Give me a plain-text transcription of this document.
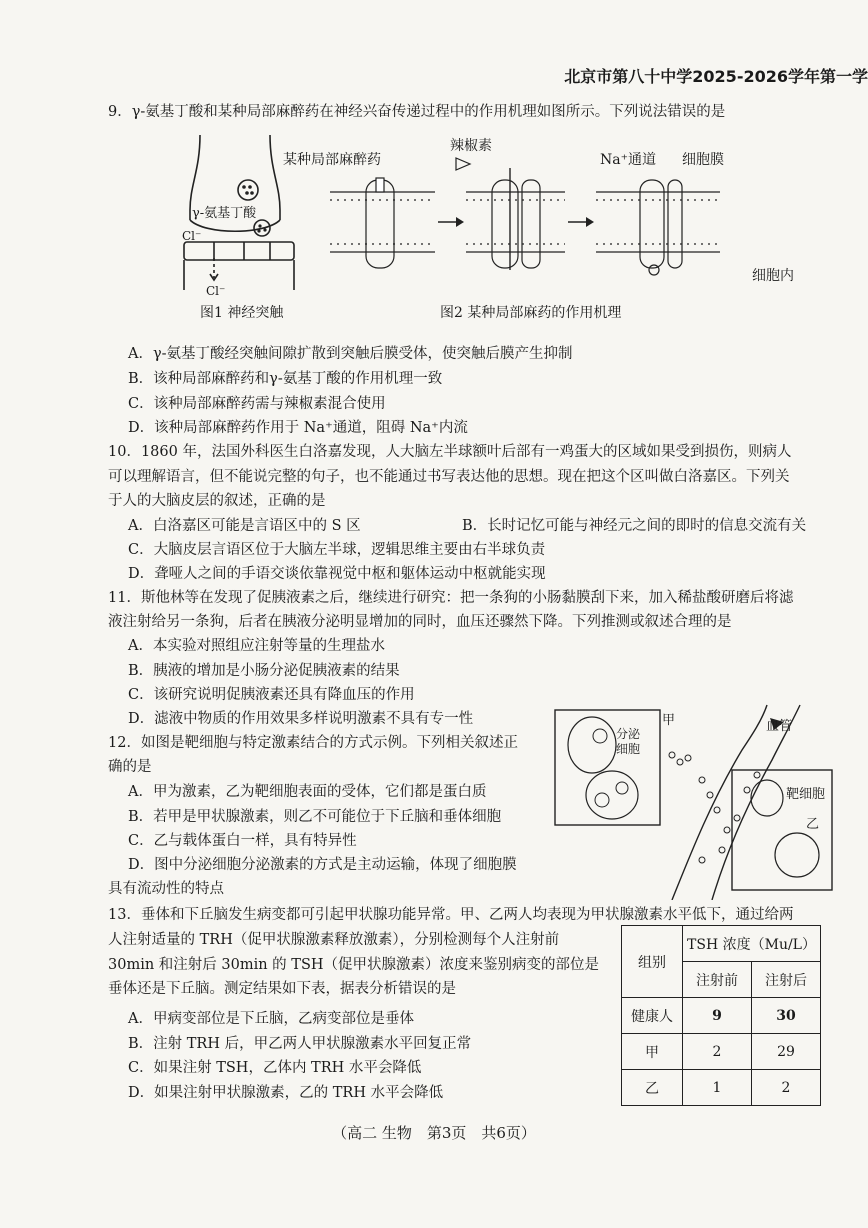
北京市第八十中学2025-2026学年第一学
9．γ-氨基丁酸和某种局部麻醉药在神经兴奋传递过程中的作用机理如图所示。下列说法错误的是
某种局部麻醉药
辣椒素
Na⁺通道 细胞膜
γ-氨基丁酸
Cl⁻
Cl⁻
细胞内
图1 神经突触	图2 某种局部麻药的作用机理
A．γ-氨基丁酸经突触间隙扩散到突触后膜受体，使突触后膜产生抑制
B．该种局部麻醉药和γ-氨基丁酸的作用机理一致
C．该种局部麻醉药需与辣椒素混合使用
D．该种局部麻醉药作用于 Na⁺通道，阻碍 Na⁺内流
10．1860 年，法国外科医生白洛嘉发现，人大脑左半球额叶后部有一鸡蛋大的区域如果受到损伤，则病人
可以理解语言，但不能说完整的句子，也不能通过书写表达他的思想。现在把这个区叫做白洛嘉区。下列关
于人的大脑皮层的叙述，正确的是
A．白洛嘉区可能是言语区中的 S 区	B．长时记忆可能与神经元之间的即时的信息交流有关
C．大脑皮层言语区位于大脑左半球，逻辑思维主要由右半球负责
D．聋哑人之间的手语交谈依靠视觉中枢和躯体运动中枢就能实现
11．斯他林等在发现了促胰液素之后，继续进行研究：把一条狗的小肠黏膜刮下来，加入稀盐酸研磨后将滤
液注射给另一条狗，后者在胰液分泌明显增加的同时，血压还骤然下降。下列推测或叙述合理的是
A．本实验对照组应注射等量的生理盐水
B．胰液的增加是小肠分泌促胰液素的结果
C．该研究说明促胰液素还具有降血压的作用
D．滤液中物质的作用效果多样说明激素不具有专一性
12．如图是靶细胞与特定激素结合的方式示例。下列相关叙述正
确的是
A．甲为激素，乙为靶细胞表面的受体，它们都是蛋白质
B．若甲是甲状腺激素，则乙不可能位于下丘脑和垂体细胞
C．乙与载体蛋白一样，具有特异性
D．图中分泌细胞分泌激素的方式是主动运输，体现了细胞膜
具有流动性的特点
分泌
细胞
甲	血管
靶细胞
乙
13．垂体和下丘脑发生病变都可引起甲状腺功能异常。甲、乙两人均表现为甲状腺激素水平低下，通过给两
人注射适量的 TRH（促甲状腺激素释放激素），分别检测每个人注射前
30min 和注射后 30min 的 TSH（促甲状腺激素）浓度来鉴别病变的部位是
垂体还是下丘脑。测定结果如下表，据表分析错误的是
A．甲病变部位是下丘脑，乙病变部位是垂体
B．注射 TRH 后，甲乙两人甲状腺激素水平回复正常
C．如果注射 TSH，乙体内 TRH 水平会降低
D．如果注射甲状腺激素，乙的 TRH 水平会降低
组别	TSH 浓度（Mu/L）	
	注射前	注射后
健康人	9	30
甲	2	29
乙	1	2
（高二 生物　第3页　共6页）
